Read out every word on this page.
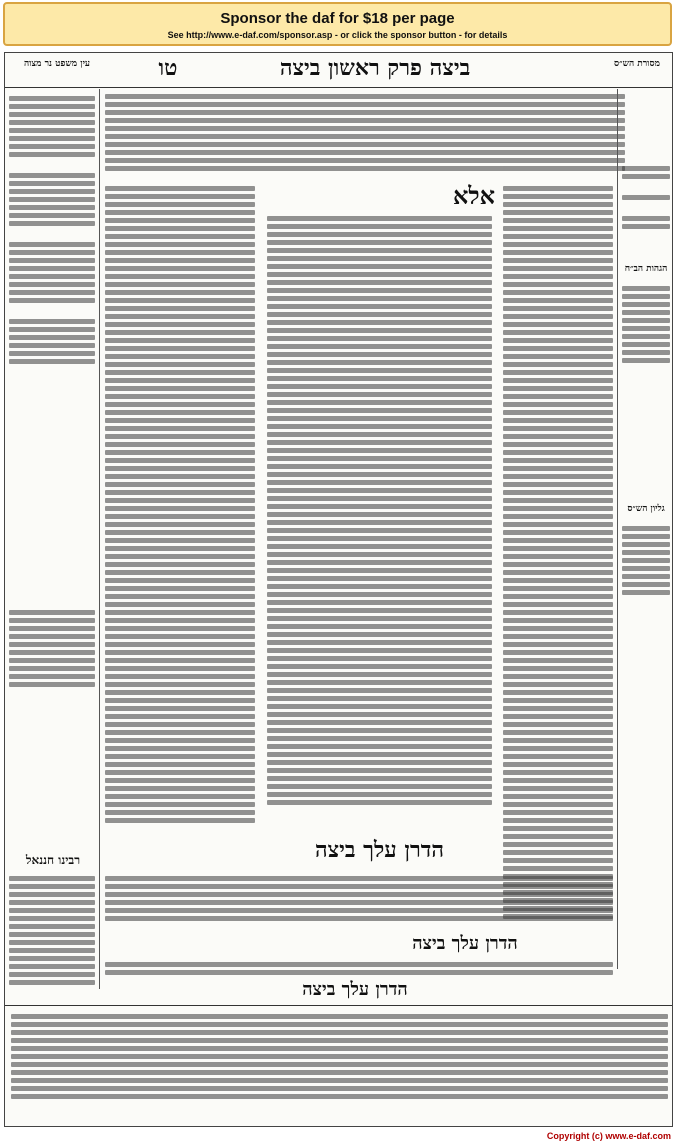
Sponsor the daf for $18 per page
See http://www.e-daf.com/sponsor.asp - or click the sponsor button - for details
מסורת הש״ס
ביצה פרק ראשון ביצה
טו
עין משפט נר מצוה
רבינו חננאל
אלא
הדרן עלך ביצה
הגהות הב״ח
גליון הש״ס
הדרן עלך ביצה
הדרן עלך ביצה
Copyright (c) www.e-daf.com
